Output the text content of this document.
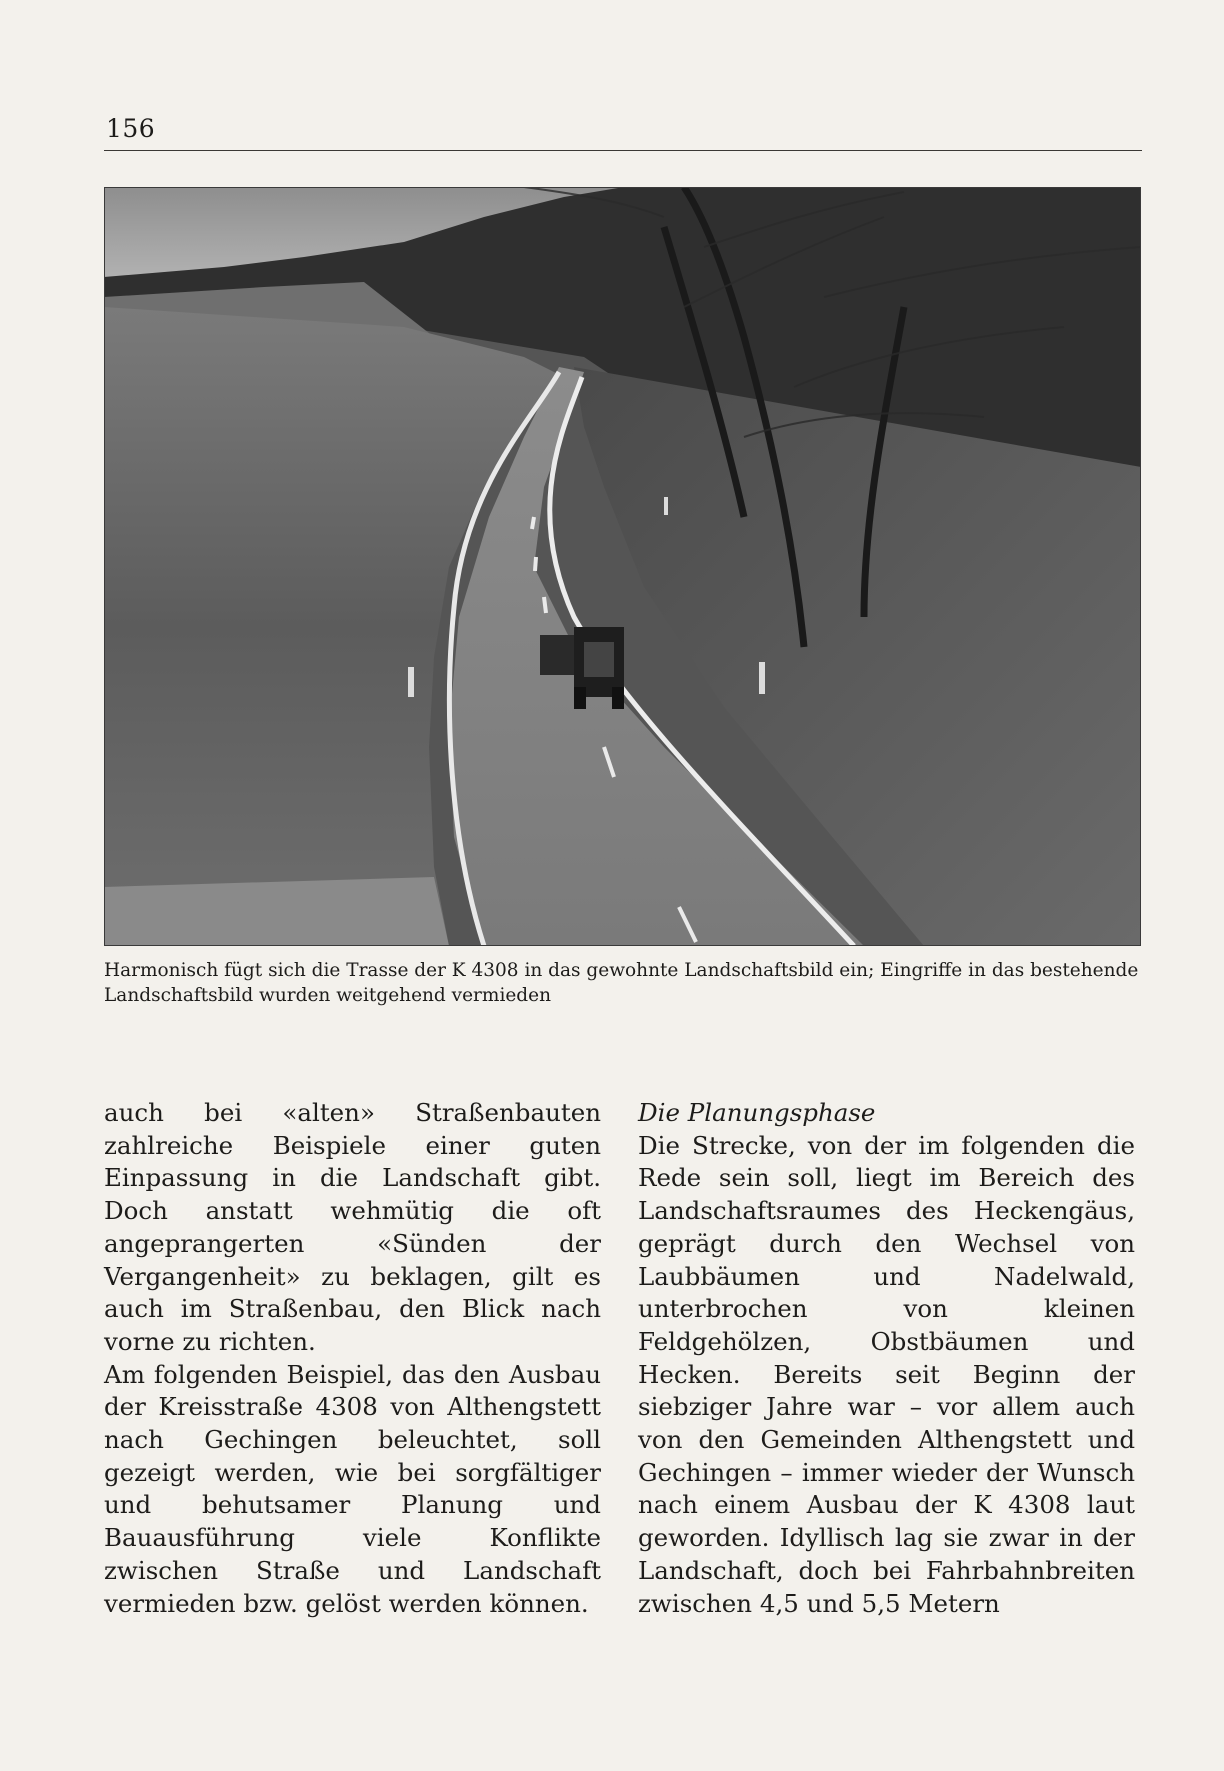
156
Harmonisch fügt sich die Trasse der K 4308 in das gewohnte Landschaftsbild ein; Eingriffe in das bestehende Landschaftsbild wurden weitgehend vermieden

auch bei «alten» Straßenbauten zahlreiche Beispiele einer guten Einpassung in die Landschaft gibt. Doch anstatt wehmütig die oft angeprangerten «Sünden der Vergangenheit» zu beklagen, gilt es auch im Straßenbau, den Blick nach vorne zu richten.

Am folgenden Beispiel, das den Ausbau der Kreisstraße 4308 von Althengstett nach Gechingen beleuchtet, soll gezeigt werden, wie bei sorgfältiger und behutsamer Planung und Bauausführung viele Konflikte zwischen Straße und Landschaft vermieden bzw. gelöst werden können.

Die Planungsphase

Die Strecke, von der im folgenden die Rede sein soll, liegt im Bereich des Landschaftsraumes des Heckengäus, geprägt durch den Wechsel von Laubbäumen und Nadelwald, unterbrochen von kleinen Feldgehölzen, Obstbäumen und Hecken. Bereits seit Beginn der siebziger Jahre war – vor allem auch von den Gemeinden Althengstett und Gechingen – immer wieder der Wunsch nach einem Ausbau der K 4308 laut geworden. Idyllisch lag sie zwar in der Landschaft, doch bei Fahrbahnbreiten zwischen 4,5 und 5,5 Metern
